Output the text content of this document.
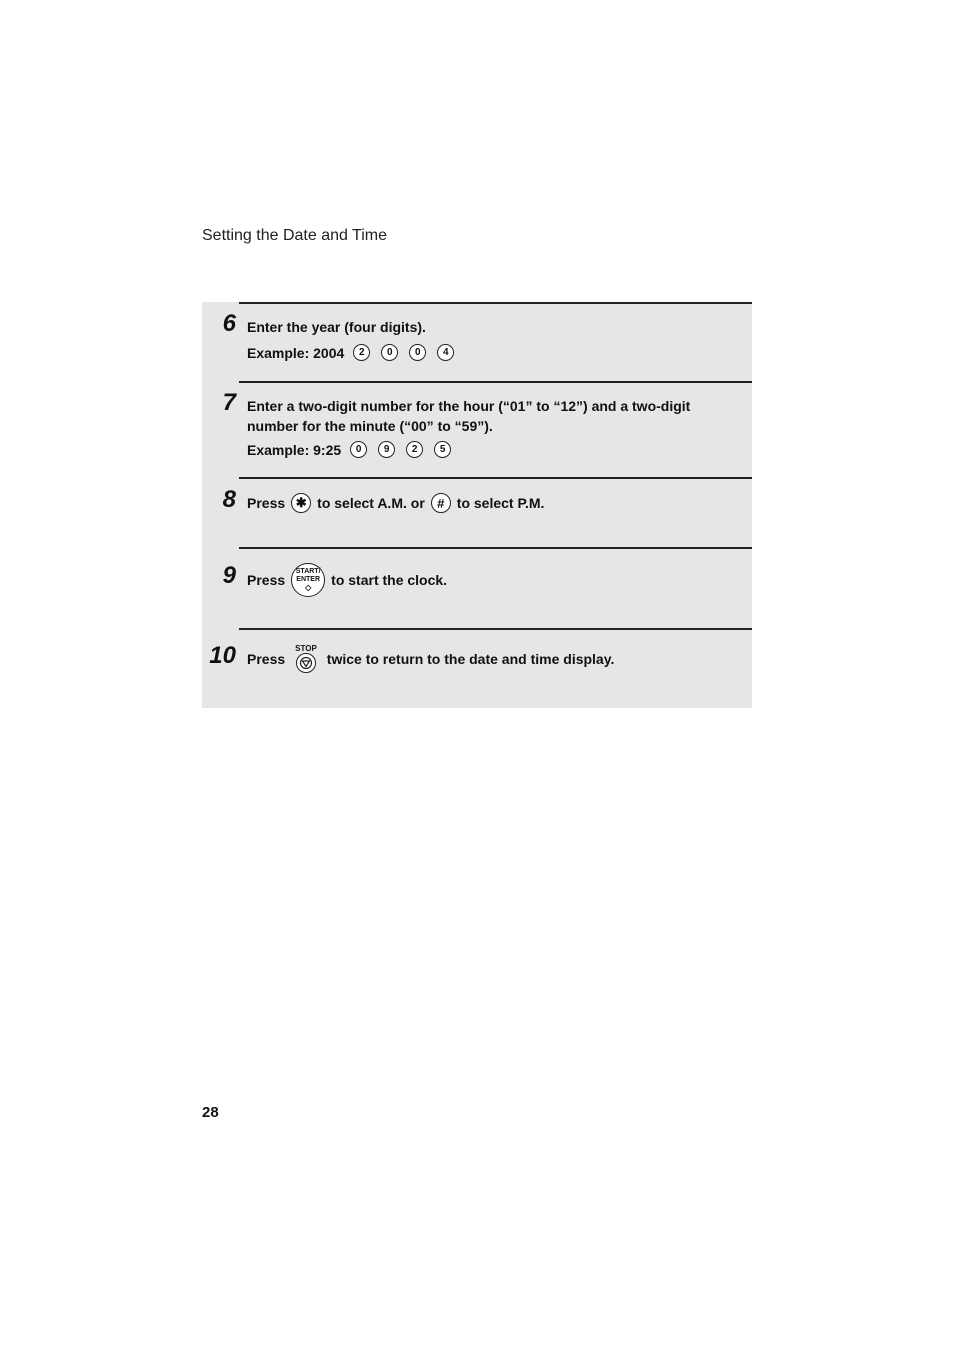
Setting the Date and Time
6 Enter the year (four digits).
Example: 2004	2	0	0	4
7 Enter a two-digit number for the hour (“01” to “12”) and a two-digit
number for the minute (“00” to “59”).
Example: 9:25	0	9	2	5
8 Press ✱ to select A.M. or # to select P.M.
9 Press
START/
ENTER
◇ to start the clock.
10 Press
STOP
twice to return to the date and time display.
28
